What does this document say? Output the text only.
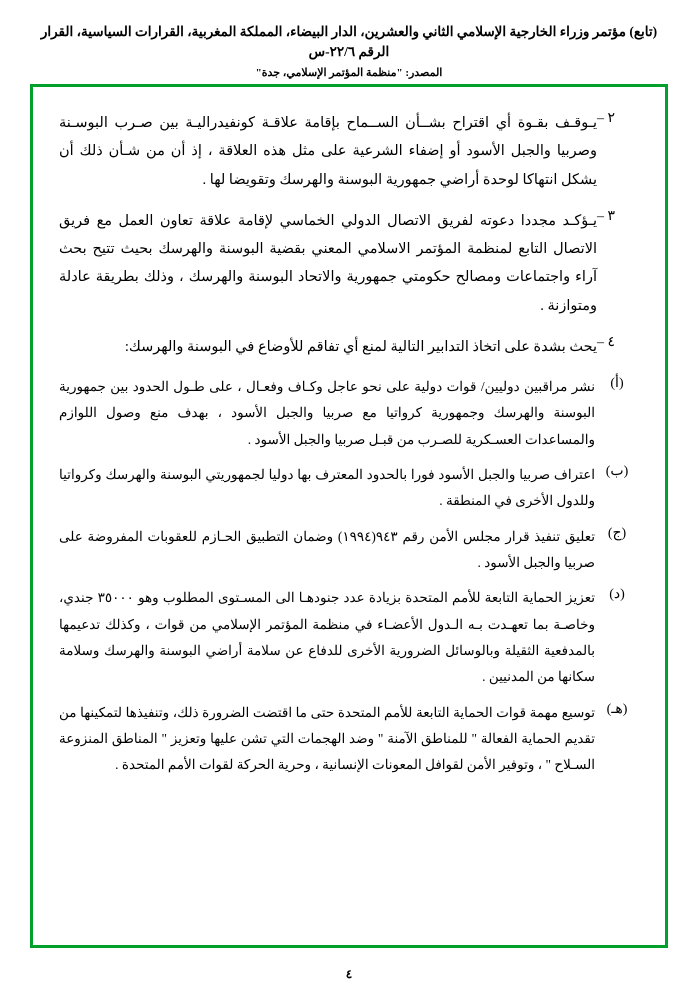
(تابع) مؤتمر وزراء الخارجية الإسلامي الثاني والعشرين، الدار البيضاء، المملكة المغربية، القرارات السياسية، القرار الرقم ٢٢/٦-س
المصدر: "منظمة المؤتمر الإسلامي، جدة"
٢ –
يـوقـف بقـوة أي اقتراح بشــأن الســماح بإقامة علاقـة كونفيدراليـة بين صـرب البوسـنة وصربيا والجبل الأسود أو إضفاء الشرعية على مثل هذه العلاقة ، إذ أن من شـأن ذلك أن يشكل انتهاكا لوحدة أراضي جمهورية البوسنة والهرسك وتقويضا لها .
٣ –
يـؤكـد مجددا دعوته لفريق الاتصال الدولي الخماسي لإقامة علاقة تعاون العمل مع فريق الاتصال التابع لمنظمة المؤتمر الاسلامي المعني بقضية البوسنة والهرسك بحيث تتيح بحث آراء واجتماعات ومصالح حكومتي جمهورية والاتحاد البوسنة والهرسك ، وذلك بطريقة عادلة ومتوازنة .
٤ –
يحث بشدة على اتخاذ التدابير التالية لمنع أي تفاقم للأوضاع في البوسنة والهرسك:
(أ)
نشر مراقبين دوليين/ قوات دولية على نحو عاجل وكـاف وفعـال ، على طـول الحدود بين جمهورية البوسنة والهرسك وجمهورية كرواتيا مع صربيا والجبل الأسود ، بهدف منع وصول اللوازم والمساعدات العسـكرية للصـرب من قبـل صربيا والجبل الأسود .
(ب)
اعتراف صربيا والجبل الأسود فورا بالحدود المعترف بها دوليا لجمهوريتي البوسنة والهرسك وكرواتيا وللدول الأخرى في المنطقة .
(ج)
تعليق تنفيذ قرار مجلس الأمن رقم ٩٤٣(١٩٩٤) وضمان التطبيق الحـازم للعقوبات المفروضة على صربيا والجبل الأسود .
(د)
تعزيز الحماية التابعة للأمم المتحدة بزيادة عدد جنودهـا الى المسـتوى المطلوب وهو ٣٥٠٠٠ جندي، وخاصـة بما تعهـدت بـه الـدول الأعضـاء في منظمة المؤتمر الإسلامي من قوات ، وكذلك تدعيمها بالمدفعية الثقيلة وبالوسائل الضرورية الأخرى للدفاع عن سلامة أراضي البوسنة والهرسك وسلامة سكانها من المدنيين .
(هـ)
توسيع مهمة قوات الحماية التابعة للأمم المتحدة حتى ما اقتضت الضرورة ذلك، وتنفيذها لتمكينها من تقديم الحماية الفعالة " للمناطق الآمنة " وضد الهجمات التي تشن عليها وتعزيز " المناطق المنزوعة السـلاح " ، وتوفير الأمن لقوافل المعونات الإنسانية ، وحرية الحركة لقوات الأمم المتحدة .
٤
